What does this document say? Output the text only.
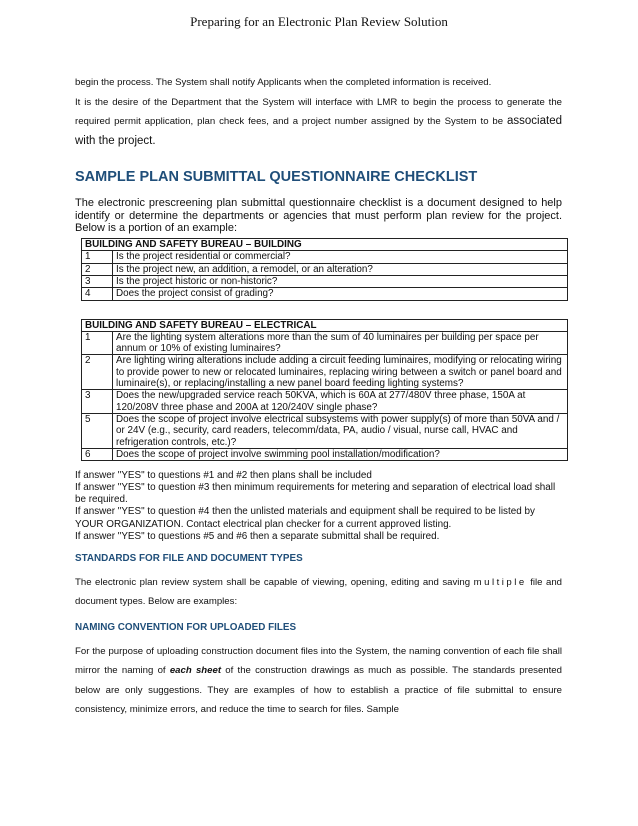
Preparing for an Electronic Plan Review Solution

begin the process. The System shall notify Applicants when the completed information is received.

It is the desire of the Department that the System will interface with LMR to begin the process to generate the required permit application, plan check fees, and a project number assigned by the System to be associated with the project.

SAMPLE PLAN SUBMITTAL QUESTIONNAIRE CHECKLIST

The electronic prescreening plan submittal questionnaire checklist is a document designed to help identify or determine the departments or agencies that must perform plan review for the project. Below is a portion of an example:

BUILDING AND SAFETY BUREAU – BUILDING	
1	Is the project residential or commercial?
2	Is the project new, an addition, a remodel, or an alteration?
3	Is the project historic or non-historic?
4	Does the project consist of grading?
BUILDING AND SAFETY BUREAU – ELECTRICAL	
1	Are the lighting system alterations more than the sum of 40 luminaires per building per space per annum or 10% of existing luminaires?
2	Are lighting wiring alterations include adding a circuit feeding luminaires, modifying or relocating wiring to provide power to new or relocated luminaires, replacing wiring between a switch or panel board and luminaire(s), or replacing/installing a new panel board feeding lighting systems?
3	Does the new/upgraded service reach 50KVA, which is 60A at 277/480V three phase, 150A at 120/208V three phase and 200A at 120/240V single phase?
5	Does the scope of project involve electrical subsystems with power supply(s) of more than 50VA and / or 24V (e.g., security, card readers, telecomm/data, PA, audio / visual, nurse call, HVAC and refrigeration controls, etc.)?
6	Does the scope of project involve swimming pool installation/modification?
If answer "YES" to questions #1 and #2 then plans shall be included
If answer "YES" to question #3 then minimum requirements for metering and separation of electrical load shall be required.
If answer "YES" to question #4 then the unlisted materials and equipment shall be required to be listed by YOUR ORGANIZATION. Contact electrical plan checker for a current approved listing.
If answer "YES" to questions #5 and #6 then a separate submittal shall be required.
STANDARDS FOR FILE AND DOCUMENT TYPES

The electronic plan review system shall be capable of viewing, opening, editing and saving multiple file and document types. Below are examples:

NAMING CONVENTION FOR UPLOADED FILES

For the purpose of uploading construction document files into the System, the naming convention of each file shall mirror the naming of each sheet of the construction drawings as much as possible. The standards presented below are only suggestions. They are examples of how to establish a practice of file submittal to ensure consistency, minimize errors, and reduce the time to search for files. Sample
